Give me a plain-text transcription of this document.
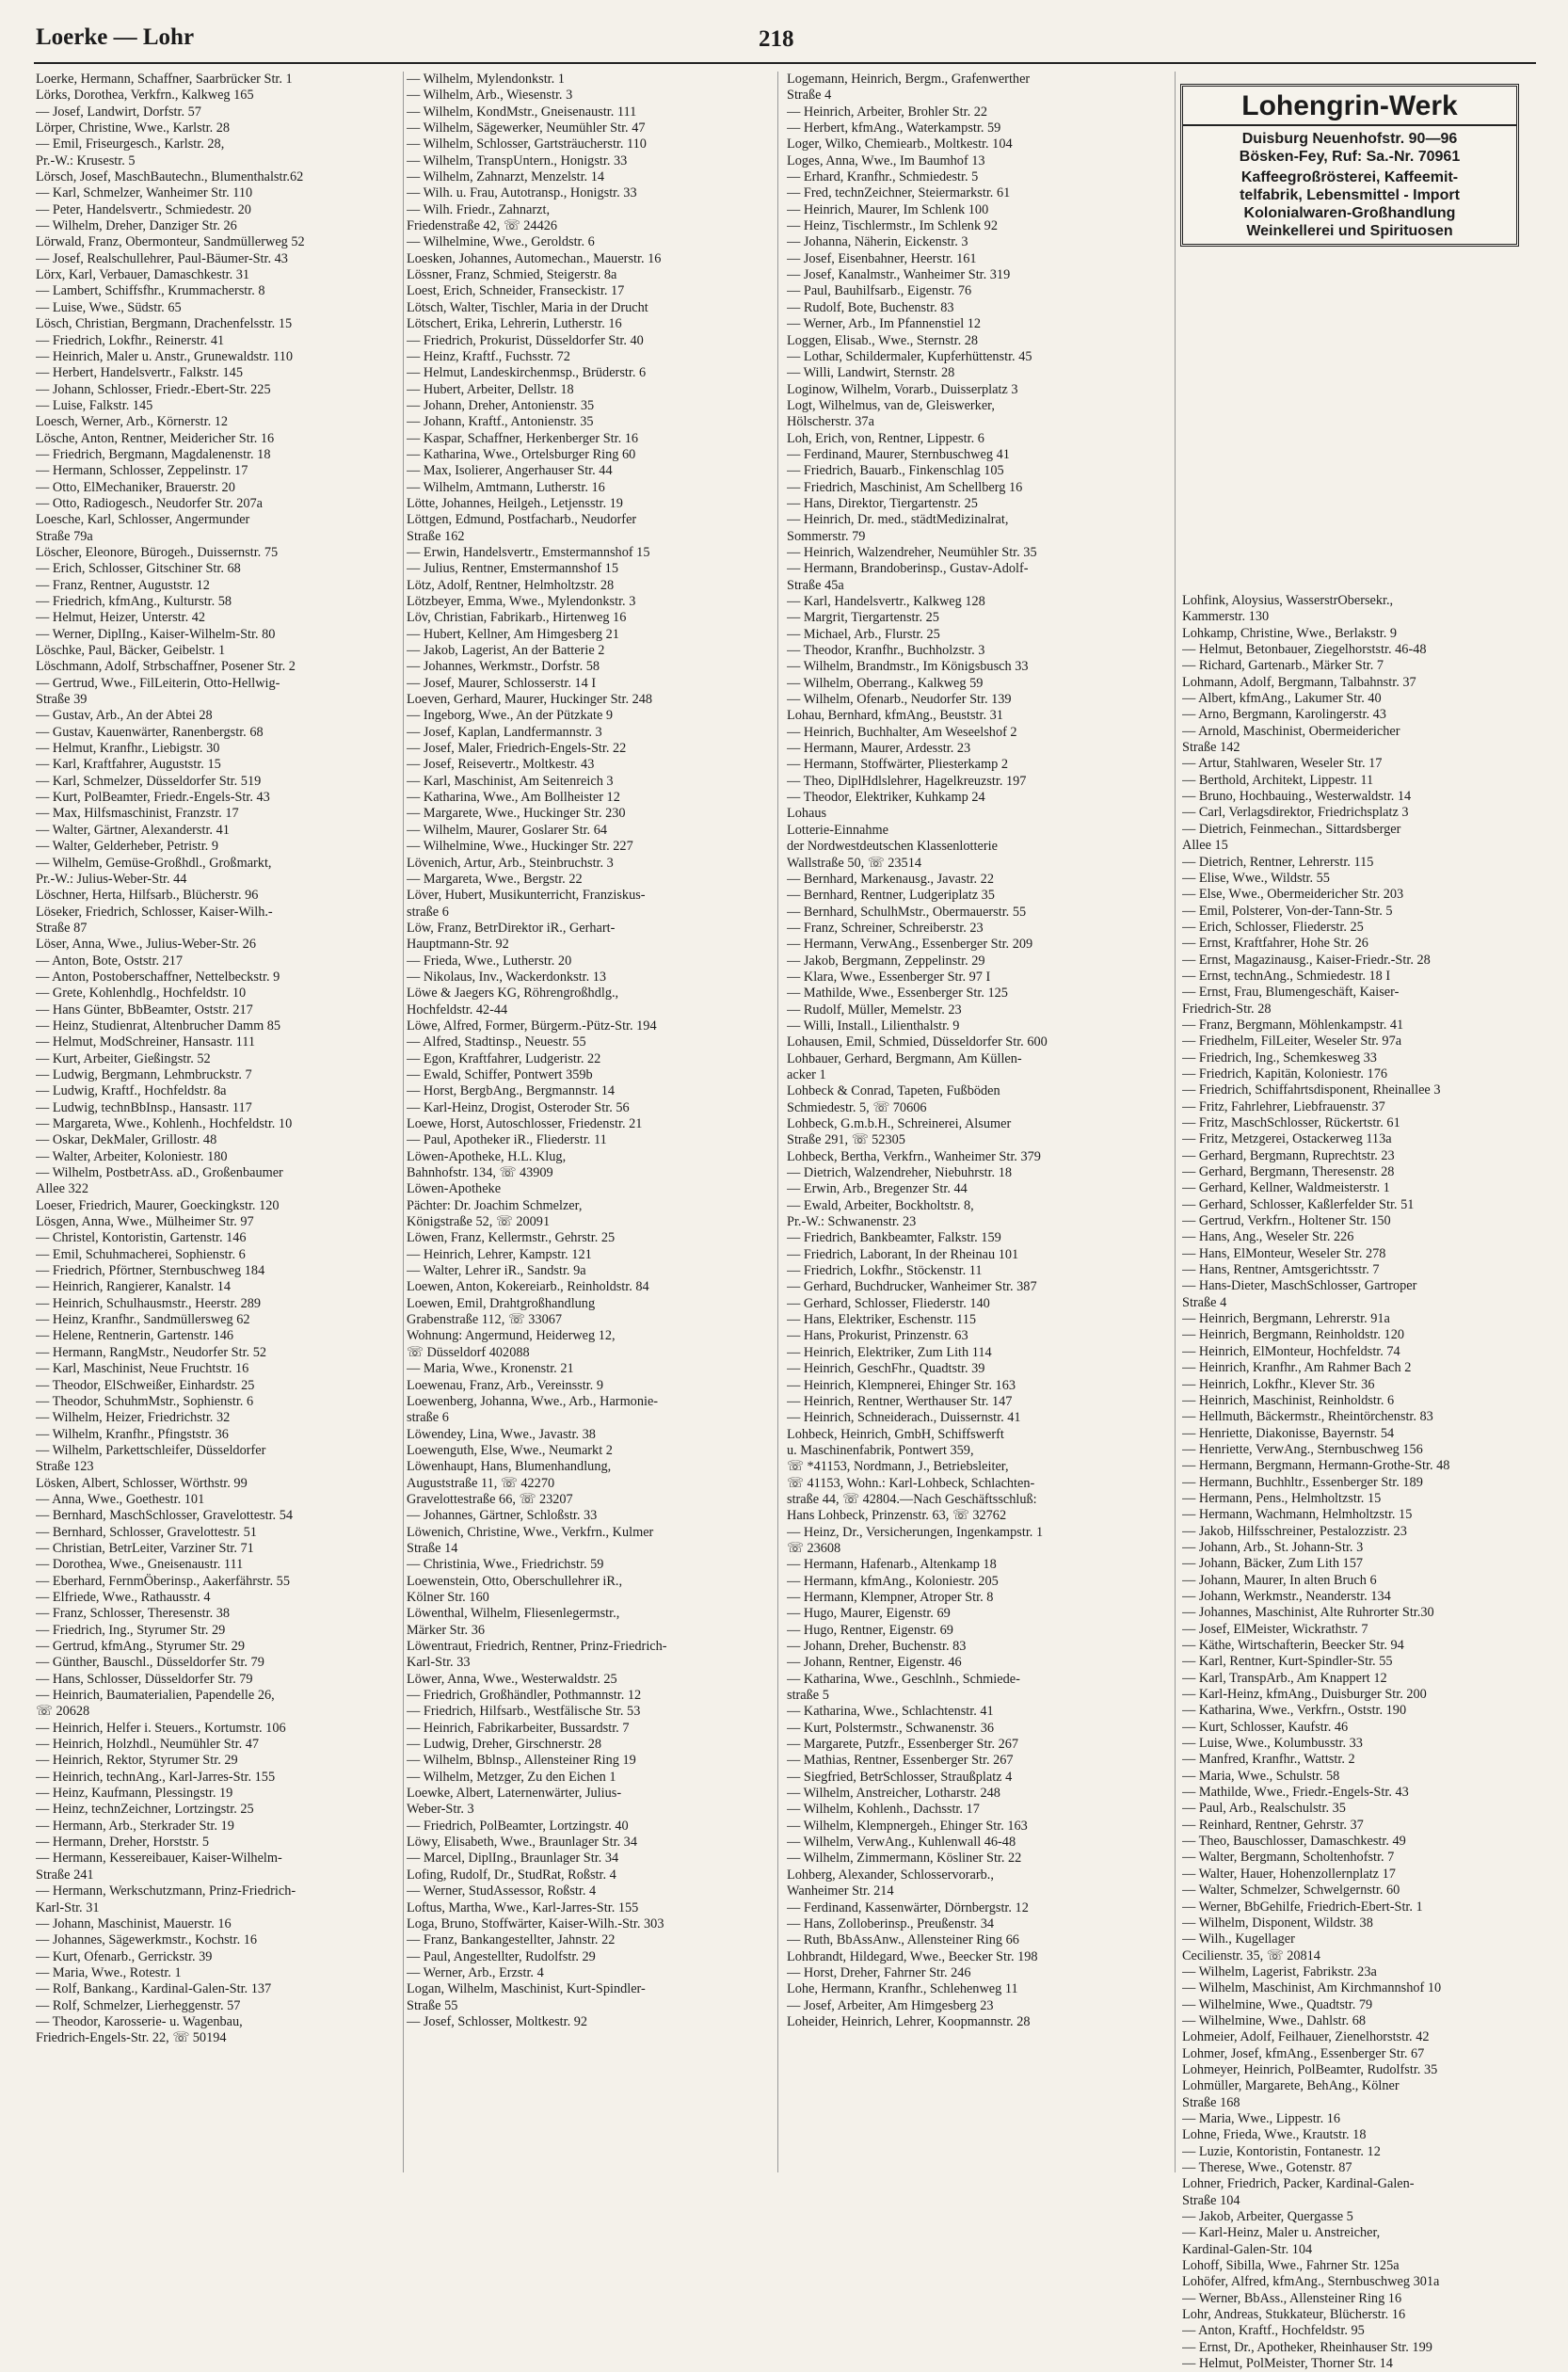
Loerke — Lohr	218
Loerke, Hermann, Schaffner, Saarbrücker Str. 1
Lörks, Dorothea, Verkfrn., Kalkweg 165
— Josef, Landwirt, Dorfstr. 57
Lörper, Christine, Wwe., Karlstr. 28
— Emil, Friseurgesch., Karlstr. 28,
Pr.-W.: Krusestr. 5
Lörsch, Josef, MaschBautechn., Blumenthalstr.62
— Karl, Schmelzer, Wanheimer Str. 110
— Peter, Handelsvertr., Schmiedestr. 20
— Wilhelm, Dreher, Danziger Str. 26
Lörwald, Franz, Obermonteur, Sandmüllerweg 52
— Josef, Realschullehrer, Paul-Bäumer-Str. 43
Lörx, Karl, Verbauer, Damaschkestr. 31
— Lambert, Schiffsfhr., Krummacherstr. 8
— Luise, Wwe., Südstr. 65
Lösch, Christian, Bergmann, Drachenfelsstr. 15
— Friedrich, Lokfhr., Reinerstr. 41
— Heinrich, Maler u. Anstr., Grunewaldstr. 110
— Herbert, Handelsvertr., Falkstr. 145
— Johann, Schlosser, Friedr.-Ebert-Str. 225
— Luise, Falkstr. 145
Loesch, Werner, Arb., Körnerstr. 12
Lösche, Anton, Rentner, Meidericher Str. 16
— Friedrich, Bergmann, Magdalenenstr. 18
— Hermann, Schlosser, Zeppelinstr. 17
— Otto, ElMechaniker, Brauerstr. 20
— Otto, Radiogesch., Neudorfer Str. 207a
Loesche, Karl, Schlosser, Angermunder
Straße 79a
Löscher, Eleonore, Bürogeh., Duissernstr. 75
— Erich, Schlosser, Gitschiner Str. 68
— Franz, Rentner, Auguststr. 12
— Friedrich, kfmAng., Kulturstr. 58
— Helmut, Heizer, Unterstr. 42
— Werner, DiplIng., Kaiser-Wilhelm-Str. 80
Löschke, Paul, Bäcker, Geibelstr. 1
Löschmann, Adolf, Strbschaffner, Posener Str. 2
— Gertrud, Wwe., FilLeiterin, Otto-Hellwig-
Straße 39
— Gustav, Arb., An der Abtei 28
— Gustav, Kauenwärter, Ranenbergstr. 68
— Helmut, Kranfhr., Liebigstr. 30
— Karl, Kraftfahrer, Auguststr. 15
— Karl, Schmelzer, Düsseldorfer Str. 519
— Kurt, PolBeamter, Friedr.-Engels-Str. 43
— Max, Hilfsmaschinist, Franzstr. 17
— Walter, Gärtner, Alexanderstr. 41
— Walter, Gelderheber, Petristr. 9
— Wilhelm, Gemüse-Großhdl., Großmarkt,
Pr.-W.: Julius-Weber-Str. 44
Löschner, Herta, Hilfsarb., Blücherstr. 96
Löseker, Friedrich, Schlosser, Kaiser-Wilh.-
Straße 87
Löser, Anna, Wwe., Julius-Weber-Str. 26
— Anton, Bote, Oststr. 217
— Anton, Postoberschaffner, Nettelbeckstr. 9
— Grete, Kohlenhdlg., Hochfeldstr. 10
— Hans Günter, BbBeamter, Oststr. 217
— Heinz, Studienrat, Altenbrucher Damm 85
— Helmut, ModSchreiner, Hansastr. 111
— Kurt, Arbeiter, Gießingstr. 52
— Ludwig, Bergmann, Lehmbruckstr. 7
— Ludwig, Kraftf., Hochfeldstr. 8a
— Ludwig, technBbInsp., Hansastr. 117
— Margareta, Wwe., Kohlenh., Hochfeldstr. 10
— Oskar, DekMaler, Grillostr. 48
— Walter, Arbeiter, Koloniestr. 180
— Wilhelm, PostbetrAss. aD., Großenbaumer
Allee 322
Loeser, Friedrich, Maurer, Goeckingkstr. 120
Lösgen, Anna, Wwe., Mülheimer Str. 97
— Christel, Kontoristin, Gartenstr. 146
— Emil, Schuhmacherei, Sophienstr. 6
— Friedrich, Pförtner, Sternbuschweg 184
— Heinrich, Rangierer, Kanalstr. 14
— Heinrich, Schulhausmstr., Heerstr. 289
— Heinz, Kranfhr., Sandmüllersweg 62
— Helene, Rentnerin, Gartenstr. 146
— Hermann, RangMstr., Neudorfer Str. 52
— Karl, Maschinist, Neue Fruchtstr. 16
— Theodor, ElSchweißer, Einhardstr. 25
— Theodor, SchuhmMstr., Sophienstr. 6
— Wilhelm, Heizer, Friedrichstr. 32
— Wilhelm, Kranfhr., Pfingststr. 36
— Wilhelm, Parkettschleifer, Düsseldorfer
Straße 123
Lösken, Albert, Schlosser, Wörthstr. 99
— Anna, Wwe., Goethestr. 101
— Bernhard, MaschSchlosser, Gravelottestr. 54
— Bernhard, Schlosser, Gravelottestr. 51
— Christian, BetrLeiter, Varziner Str. 71
— Dorothea, Wwe., Gneisenaustr. 111
— Eberhard, FernmÖberinsp., Aakerfährstr. 55
— Elfriede, Wwe., Rathausstr. 4
— Franz, Schlosser, Theresenstr. 38
— Friedrich, Ing., Styrumer Str. 29
— Gertrud, kfmAng., Styrumer Str. 29
— Günther, Bauschl., Düsseldorfer Str. 79
— Hans, Schlosser, Düsseldorfer Str. 79
— Heinrich, Baumaterialien, Papendelle 26,
☏ 20628
— Heinrich, Helfer i. Steuers., Kortumstr. 106
— Heinrich, Holzhdl., Neumühler Str. 47
— Heinrich, Rektor, Styrumer Str. 29
— Heinrich, technAng., Karl-Jarres-Str. 155
— Heinz, Kaufmann, Plessingstr. 19
— Heinz, technZeichner, Lortzingstr. 25
— Hermann, Arb., Sterkrader Str. 19
— Hermann, Dreher, Horststr. 5
— Hermann, Kessereibauer, Kaiser-Wilhelm-
Straße 241
— Hermann, Werkschutzmann, Prinz-Friedrich-
Karl-Str. 31
— Johann, Maschinist, Mauerstr. 16
— Johannes, Sägewerkmstr., Kochstr. 16
— Kurt, Ofenarb., Gerrickstr. 39
— Maria, Wwe., Rotestr. 1
— Rolf, Bankang., Kardinal-Galen-Str. 137
— Rolf, Schmelzer, Lierheggenstr. 57
— Theodor, Karosserie- u. Wagenbau,
Friedrich-Engels-Str. 22, ☏ 50194
— Wilhelm, Mylendonkstr. 1
— Wilhelm, Arb., Wiesenstr. 3
— Wilhelm, KondMstr., Gneisenaustr. 111
— Wilhelm, Sägewerker, Neumühler Str. 47
— Wilhelm, Schlosser, Gartsträucherstr. 110
— Wilhelm, TranspUntern., Honigstr. 33
— Wilhelm, Zahnarzt, Menzelstr. 14
— Wilh. u. Frau, Autotransp., Honigstr. 33
— Wilh. Friedr., Zahnarzt,
Friedenstraße 42, ☏ 24426
— Wilhelmine, Wwe., Geroldstr. 6
Loesken, Johannes, Automechan., Mauerstr. 16
Lössner, Franz, Schmied, Steigerstr. 8a
Loest, Erich, Schneider, Franseckistr. 17
Lötsch, Walter, Tischler, Maria in der Drucht
Lötschert, Erika, Lehrerin, Lutherstr. 16
— Friedrich, Prokurist, Düsseldorfer Str. 40
— Heinz, Kraftf., Fuchsstr. 72
— Helmut, Landeskirchenmsp., Brüderstr. 6
— Hubert, Arbeiter, Dellstr. 18
— Johann, Dreher, Antonienstr. 35
— Johann, Kraftf., Antonienstr. 35
— Kaspar, Schaffner, Herkenberger Str. 16
— Katharina, Wwe., Ortelsburger Ring 60
— Max, Isolierer, Angerhauser Str. 44
— Wilhelm, Amtmann, Lutherstr. 16
Lötte, Johannes, Heilgeh., Letjensstr. 19
Löttgen, Edmund, Postfacharb., Neudorfer
Straße 162
— Erwin, Handelsvertr., Emstermannshof 15
— Julius, Rentner, Emstermannshof 15
Lötz, Adolf, Rentner, Helmholtzstr. 28
Lötzbeyer, Emma, Wwe., Mylendonkstr. 3
Löv, Christian, Fabrikarb., Hirtenweg 16
— Hubert, Kellner, Am Himgesberg 21
— Jakob, Lagerist, An der Batterie 2
— Johannes, Werkmstr., Dorfstr. 58
— Josef, Maurer, Schlosserstr. 14 I
Loeven, Gerhard, Maurer, Huckinger Str. 248
— Ingeborg, Wwe., An der Pützkate 9
— Josef, Kaplan, Landfermannstr. 3
— Josef, Maler, Friedrich-Engels-Str. 22
— Josef, Reisevertr., Moltkestr. 43
— Karl, Maschinist, Am Seitenreich 3
— Katharina, Wwe., Am Bollheister 12
— Margarete, Wwe., Huckinger Str. 230
— Wilhelm, Maurer, Goslarer Str. 64
— Wilhelmine, Wwe., Huckinger Str. 227
Lövenich, Artur, Arb., Steinbruchstr. 3
— Margareta, Wwe., Bergstr. 22
Löver, Hubert, Musikunterricht, Franziskus-
straße 6
Löw, Franz, BetrDirektor iR., Gerhart-
Hauptmann-Str. 92
— Frieda, Wwe., Lutherstr. 20
— Nikolaus, Inv., Wackerdonkstr. 13
Löwe & Jaegers KG, Röhrengroßhdlg.,
Hochfeldstr. 42-44
Löwe, Alfred, Former, Bürgerm.-Pütz-Str. 194
— Alfred, Stadtinsp., Neuestr. 55
— Egon, Kraftfahrer, Ludgeristr. 22
— Ewald, Schiffer, Pontwert 359b
— Horst, BergbAng., Bergmannstr. 14
— Karl-Heinz, Drogist, Osteroder Str. 56
Loewe, Horst, Autoschlosser, Friedenstr. 21
— Paul, Apotheker iR., Fliederstr. 11
Löwen-Apotheke, H.L. Klug,
Bahnhofstr. 134, ☏ 43909
Löwen-Apotheke
Pächter: Dr. Joachim Schmelzer,
Königstraße 52, ☏ 20091
Löwen, Franz, Kellermstr., Gehrstr. 25
— Heinrich, Lehrer, Kampstr. 121
— Walter, Lehrer iR., Sandstr. 9a
Loewen, Anton, Kokereiarb., Reinholdstr. 84
Loewen, Emil, Drahtgroßhandlung
Grabenstraße 112, ☏ 33067
Wohnung: Angermund, Heiderweg 12,
☏ Düsseldorf 402088
— Maria, Wwe., Kronenstr. 21
Loewenau, Franz, Arb., Vereinsstr. 9
Loewenberg, Johanna, Wwe., Arb., Harmonie-
straße 6
Löwendey, Lina, Wwe., Javastr. 38
Loewenguth, Else, Wwe., Neumarkt 2
Löwenhaupt, Hans, Blumenhandlung,
Auguststraße 11, ☏ 42270
Gravelottestraße 66, ☏ 23207
— Johannes, Gärtner, Schloßstr. 33
Löwenich, Christine, Wwe., Verkfrn., Kulmer
Straße 14
— Christinia, Wwe., Friedrichstr. 59
Loewenstein, Otto, Oberschullehrer iR.,
Kölner Str. 160
Löwenthal, Wilhelm, Fliesenlegermstr.,
Märker Str. 36
Löwentraut, Friedrich, Rentner, Prinz-Friedrich-
Karl-Str. 33
Löwer, Anna, Wwe., Westerwaldstr. 25
— Friedrich, Großhändler, Pothmannstr. 12
— Friedrich, Hilfsarb., Westfälische Str. 53
— Heinrich, Fabrikarbeiter, Bussardstr. 7
— Ludwig, Dreher, Girschnerstr. 28
— Wilhelm, Bblnsp., Allensteiner Ring 19
— Wilhelm, Metzger, Zu den Eichen 1
Loewke, Albert, Laternenwärter, Julius-
Weber-Str. 3
— Friedrich, PolBeamter, Lortzingstr. 40
Löwy, Elisabeth, Wwe., Braunlager Str. 34
— Marcel, DiplIng., Braunlager Str. 34
Lofing, Rudolf, Dr., StudRat, Roßstr. 4
— Werner, StudAssessor, Roßstr. 4
Loftus, Martha, Wwe., Karl-Jarres-Str. 155
Loga, Bruno, Stoffwärter, Kaiser-Wilh.-Str. 303
— Franz, Bankangestellter, Jahnstr. 22
— Paul, Angestellter, Rudolfstr. 29
— Werner, Arb., Erzstr. 4
Logan, Wilhelm, Maschinist, Kurt-Spindler-
Straße 55
— Josef, Schlosser, Moltkestr. 92
Logemann, Heinrich, Bergm., Grafenwerther
Straße 4
— Heinrich, Arbeiter, Brohler Str. 22
— Herbert, kfmAng., Waterkampstr. 59
Loger, Wilko, Chemiearb., Moltkestr. 104
Loges, Anna, Wwe., Im Baumhof 13
— Erhard, Kranfhr., Schmiedestr. 5
— Fred, technZeichner, Steiermarkstr. 61
— Heinrich, Maurer, Im Schlenk 100
— Heinz, Tischlermstr., Im Schlenk 92
— Johanna, Näherin, Eickenstr. 3
— Josef, Eisenbahner, Heerstr. 161
— Josef, Kanalmstr., Wanheimer Str. 319
— Paul, Bauhilfsarb., Eigenstr. 76
— Rudolf, Bote, Buchenstr. 83
— Werner, Arb., Im Pfannenstiel 12
Loggen, Elisab., Wwe., Sternstr. 28
— Lothar, Schildermaler, Kupferhüttenstr. 45
— Willi, Landwirt, Sternstr. 28
Loginow, Wilhelm, Vorarb., Duisserplatz 3
Logt, Wilhelmus, van de, Gleiswerker,
Hölscherstr. 37a
Loh, Erich, von, Rentner, Lippestr. 6
— Ferdinand, Maurer, Sternbuschweg 41
— Friedrich, Bauarb., Finkenschlag 105
— Friedrich, Maschinist, Am Schellberg 16
— Hans, Direktor, Tiergartenstr. 25
— Heinrich, Dr. med., städtMedizinalrat,
Sommerstr. 79
— Heinrich, Walzendreher, Neumühler Str. 35
— Hermann, Brandoberinsp., Gustav-Adolf-
Straße 45a
— Karl, Handelsvertr., Kalkweg 128
— Margrit, Tiergartenstr. 25
— Michael, Arb., Flurstr. 25
— Theodor, Kranfhr., Buchholzstr. 3
— Wilhelm, Brandmstr., Im Königsbusch 33
— Wilhelm, Oberrang., Kalkweg 59
— Wilhelm, Ofenarb., Neudorfer Str. 139
Lohau, Bernhard, kfmAng., Beuststr. 31
— Heinrich, Buchhalter, Am Weseelshof 2
— Hermann, Maurer, Ardesstr. 23
— Hermann, Stoffwärter, Pliesterkamp 2
— Theo, DiplHdlslehrer, Hagelkreuzstr. 197
— Theodor, Elektriker, Kuhkamp 24
Lohaus
Lotterie-Einnahme
der Nordwestdeutschen Klassenlotterie
Wallstraße 50, ☏ 23514
— Bernhard, Markenausg., Javastr. 22
— Bernhard, Rentner, Ludgeriplatz 35
— Bernhard, SchulhMstr., Obermauerstr. 55
— Franz, Schreiner, Schreiberstr. 23
— Hermann, VerwAng., Essenberger Str. 209
— Jakob, Bergmann, Zeppelinstr. 29
— Klara, Wwe., Essenberger Str. 97 I
— Mathilde, Wwe., Essenberger Str. 125
— Rudolf, Müller, Memelstr. 23
— Willi, Install., Lilienthalstr. 9
Lohausen, Emil, Schmied, Düsseldorfer Str. 600
Lohbauer, Gerhard, Bergmann, Am Küllen-
acker 1
Lohbeck & Conrad, Tapeten, Fußböden
Schmiedestr. 5, ☏ 70606
Lohbeck, G.m.b.H., Schreinerei, Alsumer
Straße 291, ☏ 52305
Lohbeck, Bertha, Verkfrn., Wanheimer Str. 379
— Dietrich, Walzendreher, Niebuhrstr. 18
— Erwin, Arb., Bregenzer Str. 44
— Ewald, Arbeiter, Bockholtstr. 8,
Pr.-W.: Schwanenstr. 23
— Friedrich, Bankbeamter, Falkstr. 159
— Friedrich, Laborant, In der Rheinau 101
— Friedrich, Lokfhr., Stöckenstr. 11
— Gerhard, Buchdrucker, Wanheimer Str. 387
— Gerhard, Schlosser, Fliederstr. 140
— Hans, Elektriker, Eschenstr. 115
— Hans, Prokurist, Prinzenstr. 63
— Heinrich, Elektriker, Zum Lith 114
— Heinrich, GeschFhr., Quadtstr. 39
— Heinrich, Klempnerei, Ehinger Str. 163
— Heinrich, Rentner, Werthauser Str. 147
— Heinrich, Schneiderach., Duissernstr. 41
Lohbeck, Heinrich, GmbH, Schiffswerft
u. Maschinenfabrik, Pontwert 359,
☏ *41153, Nordmann, J., Betriebsleiter,
☏ 41153, Wohn.: Karl-Lohbeck, Schlachten-
straße 44, ☏ 42804.—Nach Geschäftsschluß:
Hans Lohbeck, Prinzenstr. 63, ☏ 32762
— Heinz, Dr., Versicherungen, Ingenkampstr. 1
☏ 23608
— Hermann, Hafenarb., Altenkamp 18
— Hermann, kfmAng., Koloniestr. 205
— Hermann, Klempner, Atroper Str. 8
— Hugo, Maurer, Eigenstr. 69
— Hugo, Rentner, Eigenstr. 69
— Johann, Dreher, Buchenstr. 83
— Johann, Rentner, Eigenstr. 46
— Katharina, Wwe., Geschlnh., Schmiede-
straße 5
— Katharina, Wwe., Schlachtenstr. 41
— Kurt, Polstermstr., Schwanenstr. 36
— Margarete, Putzfr., Essenberger Str. 267
— Mathias, Rentner, Essenberger Str. 267
— Siegfried, BetrSchlosser, Straußplatz 4
— Wilhelm, Anstreicher, Lotharstr. 248
— Wilhelm, Kohlenh., Dachsstr. 17
— Wilhelm, Klempnergeh., Ehinger Str. 163
— Wilhelm, VerwAng., Kuhlenwall 46-48
— Wilhelm, Zimmermann, Kösliner Str. 22
Lohberg, Alexander, Schlosservorarb.,
Wanheimer Str. 214
— Ferdinand, Kassenwärter, Dörnbergstr. 12
— Hans, Zolloberinsp., Preußenstr. 34
— Ruth, BbAssAnw., Allensteiner Ring 66
Lohbrandt, Hildegard, Wwe., Beecker Str. 198
— Horst, Dreher, Fahrner Str. 246
Lohe, Hermann, Kranfhr., Schlehenweg 11
— Josef, Arbeiter, Am Himgesberg 23
Loheider, Heinrich, Lehrer, Koopmannstr. 28
Lohengrin-Werk
Duisburg Neuenhofstr. 90—96
Bösken-Fey, Ruf: Sa.-Nr. 70961
Kaffeegroßrösterei, Kaffeemit-
telfabrik, Lebensmittel - Import
Kolonialwaren-Großhandlung
Weinkellerei und Spirituosen
Lohfink, Aloysius, WasserstrObersekr.,
Kammerstr. 130
Lohkamp, Christine, Wwe., Berlakstr. 9
— Helmut, Betonbauer, Ziegelhorststr. 46-48
— Richard, Gartenarb., Märker Str. 7
Lohmann, Adolf, Bergmann, Talbahnstr. 37
— Albert, kfmAng., Lakumer Str. 40
— Arno, Bergmann, Karolingerstr. 43
— Arnold, Maschinist, Obermeidericher
Straße 142
— Artur, Stahlwaren, Weseler Str. 17
— Berthold, Architekt, Lippestr. 11
— Bruno, Hochbauing., Westerwaldstr. 14
— Carl, Verlagsdirektor, Friedrichsplatz 3
— Dietrich, Feinmechan., Sittardsberger
Allee 15
— Dietrich, Rentner, Lehrerstr. 115
— Elise, Wwe., Wildstr. 55
— Else, Wwe., Obermeidericher Str. 203
— Emil, Polsterer, Von-der-Tann-Str. 5
— Erich, Schlosser, Fliederstr. 25
— Ernst, Kraftfahrer, Hohe Str. 26
— Ernst, Magazinausg., Kaiser-Friedr.-Str. 28
— Ernst, technAng., Schmiedestr. 18 I
— Ernst, Frau, Blumengeschäft, Kaiser-
Friedrich-Str. 28
— Franz, Bergmann, Möhlenkampstr. 41
— Friedhelm, FilLeiter, Weseler Str. 97a
— Friedrich, Ing., Schemkesweg 33
— Friedrich, Kapitän, Koloniestr. 176
— Friedrich, Schiffahrtsdisponent, Rheinallee 3
— Fritz, Fahrlehrer, Liebfrauenstr. 37
— Fritz, MaschSchlosser, Rückertstr. 61
— Fritz, Metzgerei, Ostackerweg 113a
— Gerhard, Bergmann, Ruprechtstr. 23
— Gerhard, Bergmann, Theresenstr. 28
— Gerhard, Kellner, Waldmeisterstr. 1
— Gerhard, Schlosser, Kaßlerfelder Str. 51
— Gertrud, Verkfrn., Holtener Str. 150
— Hans, Ang., Weseler Str. 226
— Hans, ElMonteur, Weseler Str. 278
— Hans, Rentner, Amtsgerichtsstr. 7
— Hans-Dieter, MaschSchlosser, Gartroper
Straße 4
— Heinrich, Bergmann, Lehrerstr. 91a
— Heinrich, Bergmann, Reinholdstr. 120
— Heinrich, ElMonteur, Hochfeldstr. 74
— Heinrich, Kranfhr., Am Rahmer Bach 2
— Heinrich, Lokfhr., Klever Str. 36
— Heinrich, Maschinist, Reinholdstr. 6
— Hellmuth, Bäckermstr., Rheintörchenstr. 83
— Henriette, Diakonisse, Bayernstr. 54
— Henriette, VerwAng., Sternbuschweg 156
— Hermann, Bergmann, Hermann-Grothe-Str. 48
— Hermann, Buchhltr., Essenberger Str. 189
— Hermann, Pens., Helmholtzstr. 15
— Hermann, Wachmann, Helmholtzstr. 15
— Jakob, Hilfsschreiner, Pestalozzistr. 23
— Johann, Arb., St. Johann-Str. 3
— Johann, Bäcker, Zum Lith 157
— Johann, Maurer, In alten Bruch 6
— Johann, Werkmstr., Neanderstr. 134
— Johannes, Maschinist, Alte Ruhrorter Str.30
— Josef, ElMeister, Wickrathstr. 7
— Käthe, Wirtschafterin, Beecker Str. 94
— Karl, Rentner, Kurt-Spindler-Str. 55
— Karl, TranspArb., Am Knappert 12
— Karl-Heinz, kfmAng., Duisburger Str. 200
— Katharina, Wwe., Verkfrn., Oststr. 190
— Kurt, Schlosser, Kaufstr. 46
— Luise, Wwe., Kolumbusstr. 33
— Manfred, Kranfhr., Wattstr. 2
— Maria, Wwe., Schulstr. 58
— Mathilde, Wwe., Friedr.-Engels-Str. 43
— Paul, Arb., Realschulstr. 35
— Reinhard, Rentner, Gehrstr. 37
— Theo, Bauschlosser, Damaschkestr. 49
— Walter, Bergmann, Scholtenhofstr. 7
— Walter, Hauer, Hohenzollernplatz 17
— Walter, Schmelzer, Schwelgernstr. 60
— Werner, BbGehilfe, Friedrich-Ebert-Str. 1
— Wilhelm, Disponent, Wildstr. 38
— Wilh., Kugellager
Cecilienstr. 35, ☏ 20814
— Wilhelm, Lagerist, Fabrikstr. 23a
— Wilhelm, Maschinist, Am Kirchmannshof 10
— Wilhelmine, Wwe., Quadtstr. 79
— Wilhelmine, Wwe., Dahlstr. 68
Lohmeier, Adolf, Feilhauer, Zienelhorststr. 42
Lohmer, Josef, kfmAng., Essenberger Str. 67
Lohmeyer, Heinrich, PolBeamter, Rudolfstr. 35
Lohmüller, Margarete, BehAng., Kölner
Straße 168
— Maria, Wwe., Lippestr. 16
Lohne, Frieda, Wwe., Krautstr. 18
— Luzie, Kontoristin, Fontanestr. 12
— Therese, Wwe., Gotenstr. 87
Lohner, Friedrich, Packer, Kardinal-Galen-
Straße 104
— Jakob, Arbeiter, Quergasse 5
— Karl-Heinz, Maler u. Anstreicher,
Kardinal-Galen-Str. 104
Lohoff, Sibilla, Wwe., Fahrner Str. 125a
Lohöfer, Alfred, kfmAng., Sternbuschweg 301a
— Werner, BbAss., Allensteiner Ring 16
Lohr, Andreas, Stukkateur, Blücherstr. 16
— Anton, Kraftf., Hochfeldstr. 95
— Ernst, Dr., Apotheker, Rheinhauser Str. 199
— Helmut, PolMeister, Thorner Str. 14
